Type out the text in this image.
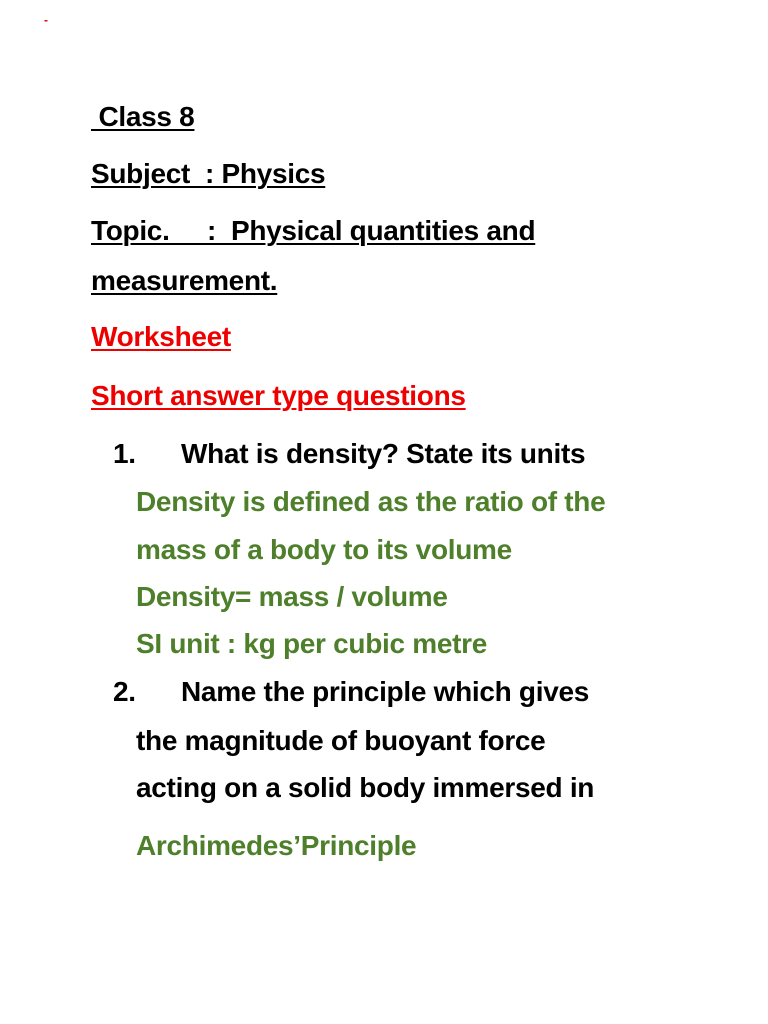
-
Class 8
Subject  : Physics
Topic.     :  Physical quantities and
measurement.
Worksheet
Short answer type questions
1. What is density? State its units
Density is defined as the ratio of the
mass of a body to its volume
Density= mass / volume
SI unit : kg per cubic metre
2. Name the principle which gives
the magnitude of buoyant force
acting on a solid body immersed in
Archimedes’Principle
